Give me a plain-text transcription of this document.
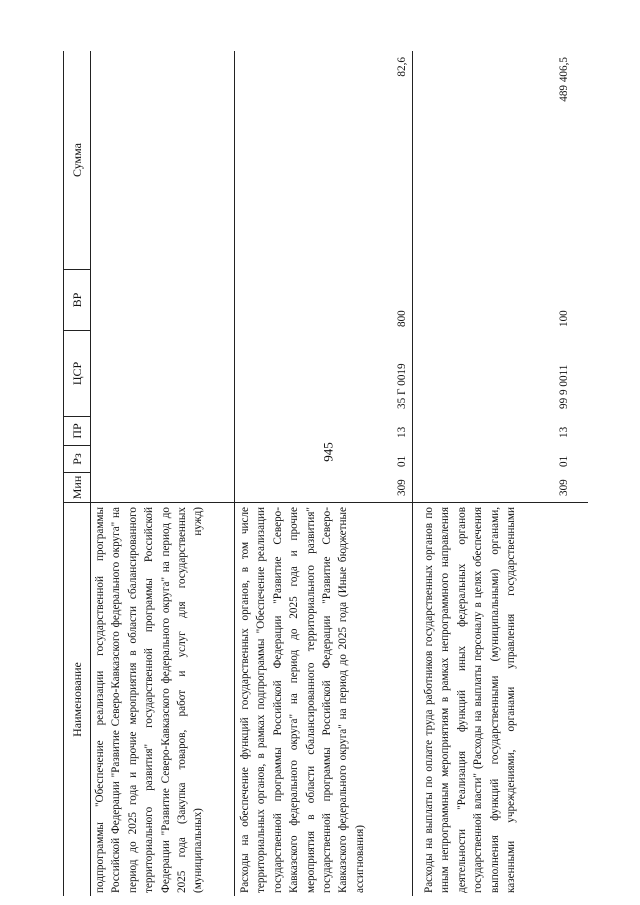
945
Наименование
Мин
Рз
ПР
ЦСР
ВР
Сумма
подпрограммы "Обеспечение реализации государственной программы Российской Федерации "Развитие Северо-Кавказского федерального округа" на период до 2025 года и прочие мероприятия в области сбалансированного территориального развития" государственной программы Российской Федерации "Развитие Северо-Кавказского федерального округа" на период до 2025 года (Закупка товаров, работ и услуг для государственных (муниципальных) нужд)	Расходы на обеспечение функций государственных органов, в том числе территориальных органов, в рамках подпрограммы "Обеспечение реализации государственной программы Российской Федерации "Развитие Северо-Кавказского федерального округа" на период до 2025 года и прочие мероприятия в области сбалансированного территориального развития" государственной программы Российской Федерации "Развитие Северо-Кавказского федерального округа" на период до 2025 года (Иные бюджетные ассигнования)
309
01
13
35 Г 0019
800
82,6
Расходы на выплаты по оплате труда работников государственных органов по иным непрограммным мероприятиям в рамках непрограммного направления деятельности "Реализация функций иных федеральных органов государственной власти" (Расходы на выплаты персоналу в целях обеспечения выполнения функций государственными (муниципальными) органами, казенными учреждениями, органами управления государственными
309
01
13
99 9 0011
100
489 406,5
